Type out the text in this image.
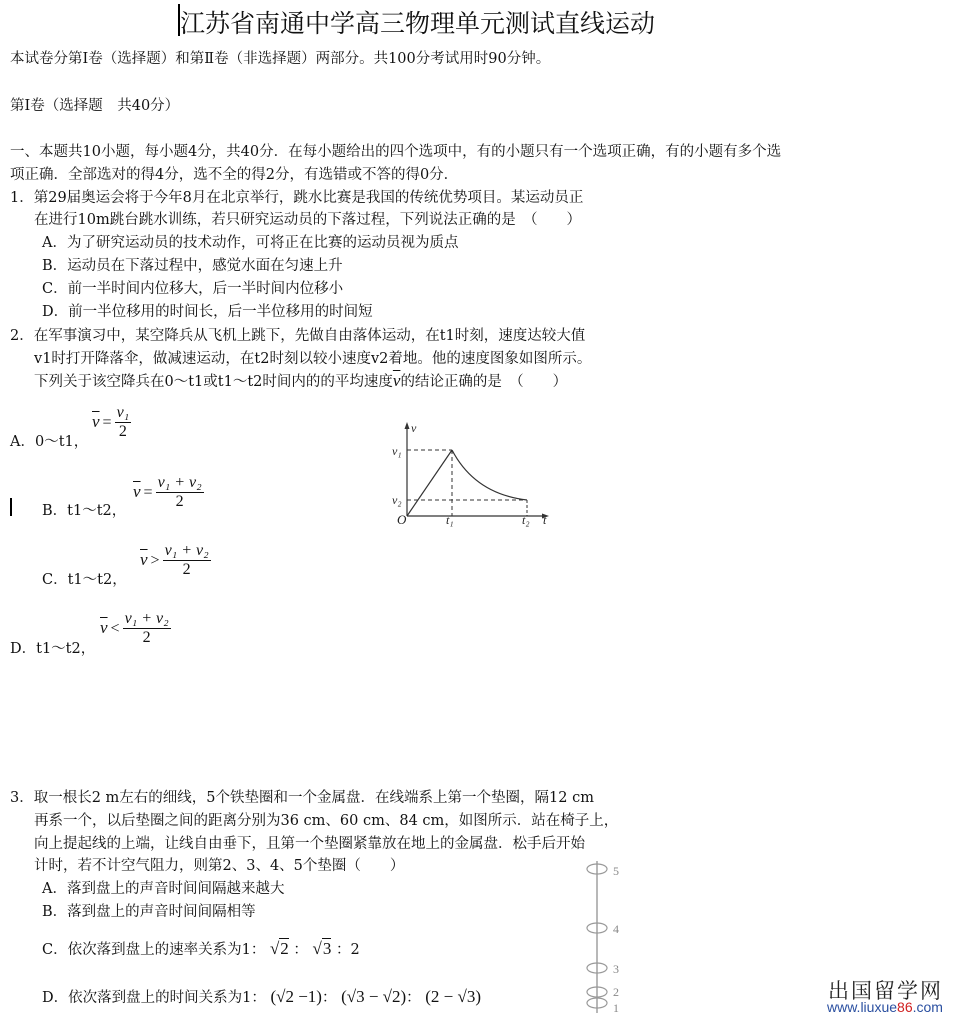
江苏省南通中学高三物理单元测试直线运动
本试卷分第Ⅰ卷（选择题）和第Ⅱ卷（非选择题）两部分。共100分考试用时90分钟。
第Ⅰ卷（选择题　共40分）
一、本题共10小题，每小题4分，共40分．在每小题给出的四个选项中，有的小题只有一个选项正确，有的小题有多个选
项正确．全部选对的得4分，选不全的得2分，有选错或不答的得0分．
1．第29届奥运会将于今年8月在北京举行，跳水比赛是我国的传统优势项目。某运动员正
在进行10m跳台跳水训练，若只研究运动员的下落过程，下列说法正确的是　（　　）
A．为了研究运动员的技术动作，可将正在比赛的运动员视为质点
B．运动员在下落过程中，感觉水面在匀速上升
C．前一半时间内位移大，后一半时间内位移小
D．前一半位移用的时间长，后一半位移用的时间短
2．在军事演习中，某空降兵从飞机上跳下，先做自由落体运动，在t1时刻，速度达较大值
v1时打开降落伞，做减速运动，在t2时刻以较小速度v2着地。他的速度图象如图所示。
下列关于该空降兵在0～t1或t1～t2时间内的的平均速度$\overline{v}$的结论正确的是　（　　）
A．0～t1，
$\overline{v} = \frac{\text{v₁}}{2}$
B．t1～t2，
$\overline{v} = \frac{\text{v₁ + v₂}}{2}$
C．t1～t2，
$\overline{v} > \frac{\text{v₁ + v₂}}{2}$
D．t1～t2，
$\overline{v} < \frac{\text{v₁ + v₂}}{2}$
v
t
O
v₁
v₂
t₁	t₂
3．取一根长2 m左右的细线，5个铁垫圈和一个金属盘．在线端系上第一个垫圈，隔12 cm
再系一个，以后垫圈之间的距离分别为36 cm、60 cm、84 cm，如图所示．站在椅子上，
向上提起线的上端，让线自由垂下，且第一个垫圈紧靠放在地上的金属盘．松手后开始
计时，若不计空气阻力，则第2、3、4、5个垫圈（　　）
A．落到盘上的声音时间间隔越来越大
B．落到盘上的声音时间间隔相等
C．依次落到盘上的速率关系为1： √2 ： √3 ：2
D．依次落到盘上的时间关系为1： (√2 −1)： (√3 − √2)： (2 − √3)
5
4
3
2
1
出国留学网
www.liuxue86.com
